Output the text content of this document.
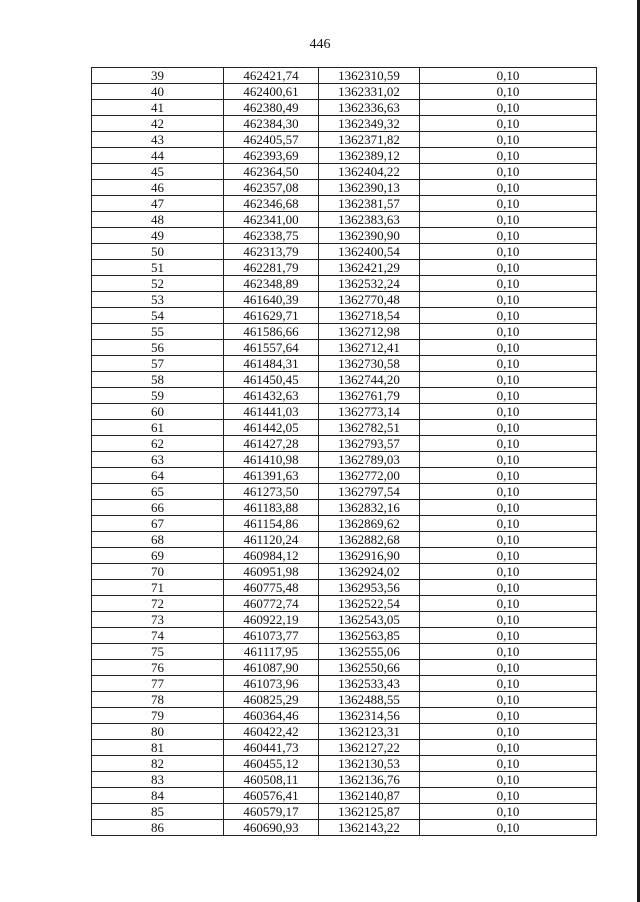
446
39	462421,74	1362310,59	0,10
40	462400,61	1362331,02	0,10
41	462380,49	1362336,63	0,10
42	462384,30	1362349,32	0,10
43	462405,57	1362371,82	0,10
44	462393,69	1362389,12	0,10
45	462364,50	1362404,22	0,10
46	462357,08	1362390,13	0,10
47	462346,68	1362381,57	0,10
48	462341,00	1362383,63	0,10
49	462338,75	1362390,90	0,10
50	462313,79	1362400,54	0,10
51	462281,79	1362421,29	0,10
52	462348,89	1362532,24	0,10
53	461640,39	1362770,48	0,10
54	461629,71	1362718,54	0,10
55	461586,66	1362712,98	0,10
56	461557,64	1362712,41	0,10
57	461484,31	1362730,58	0,10
58	461450,45	1362744,20	0,10
59	461432,63	1362761,79	0,10
60	461441,03	1362773,14	0,10
61	461442,05	1362782,51	0,10
62	461427,28	1362793,57	0,10
63	461410,98	1362789,03	0,10
64	461391,63	1362772,00	0,10
65	461273,50	1362797,54	0,10
66	461183,88	1362832,16	0,10
67	461154,86	1362869,62	0,10
68	461120,24	1362882,68	0,10
69	460984,12	1362916,90	0,10
70	460951,98	1362924,02	0,10
71	460775,48	1362953,56	0,10
72	460772,74	1362522,54	0,10
73	460922,19	1362543,05	0,10
74	461073,77	1362563,85	0,10
75	461117,95	1362555,06	0,10
76	461087,90	1362550,66	0,10
77	461073,96	1362533,43	0,10
78	460825,29	1362488,55	0,10
79	460364,46	1362314,56	0,10
80	460422,42	1362123,31	0,10
81	460441,73	1362127,22	0,10
82	460455,12	1362130,53	0,10
83	460508,11	1362136,76	0,10
84	460576,41	1362140,87	0,10
85	460579,17	1362125,87	0,10
86	460690,93	1362143,22	0,10
